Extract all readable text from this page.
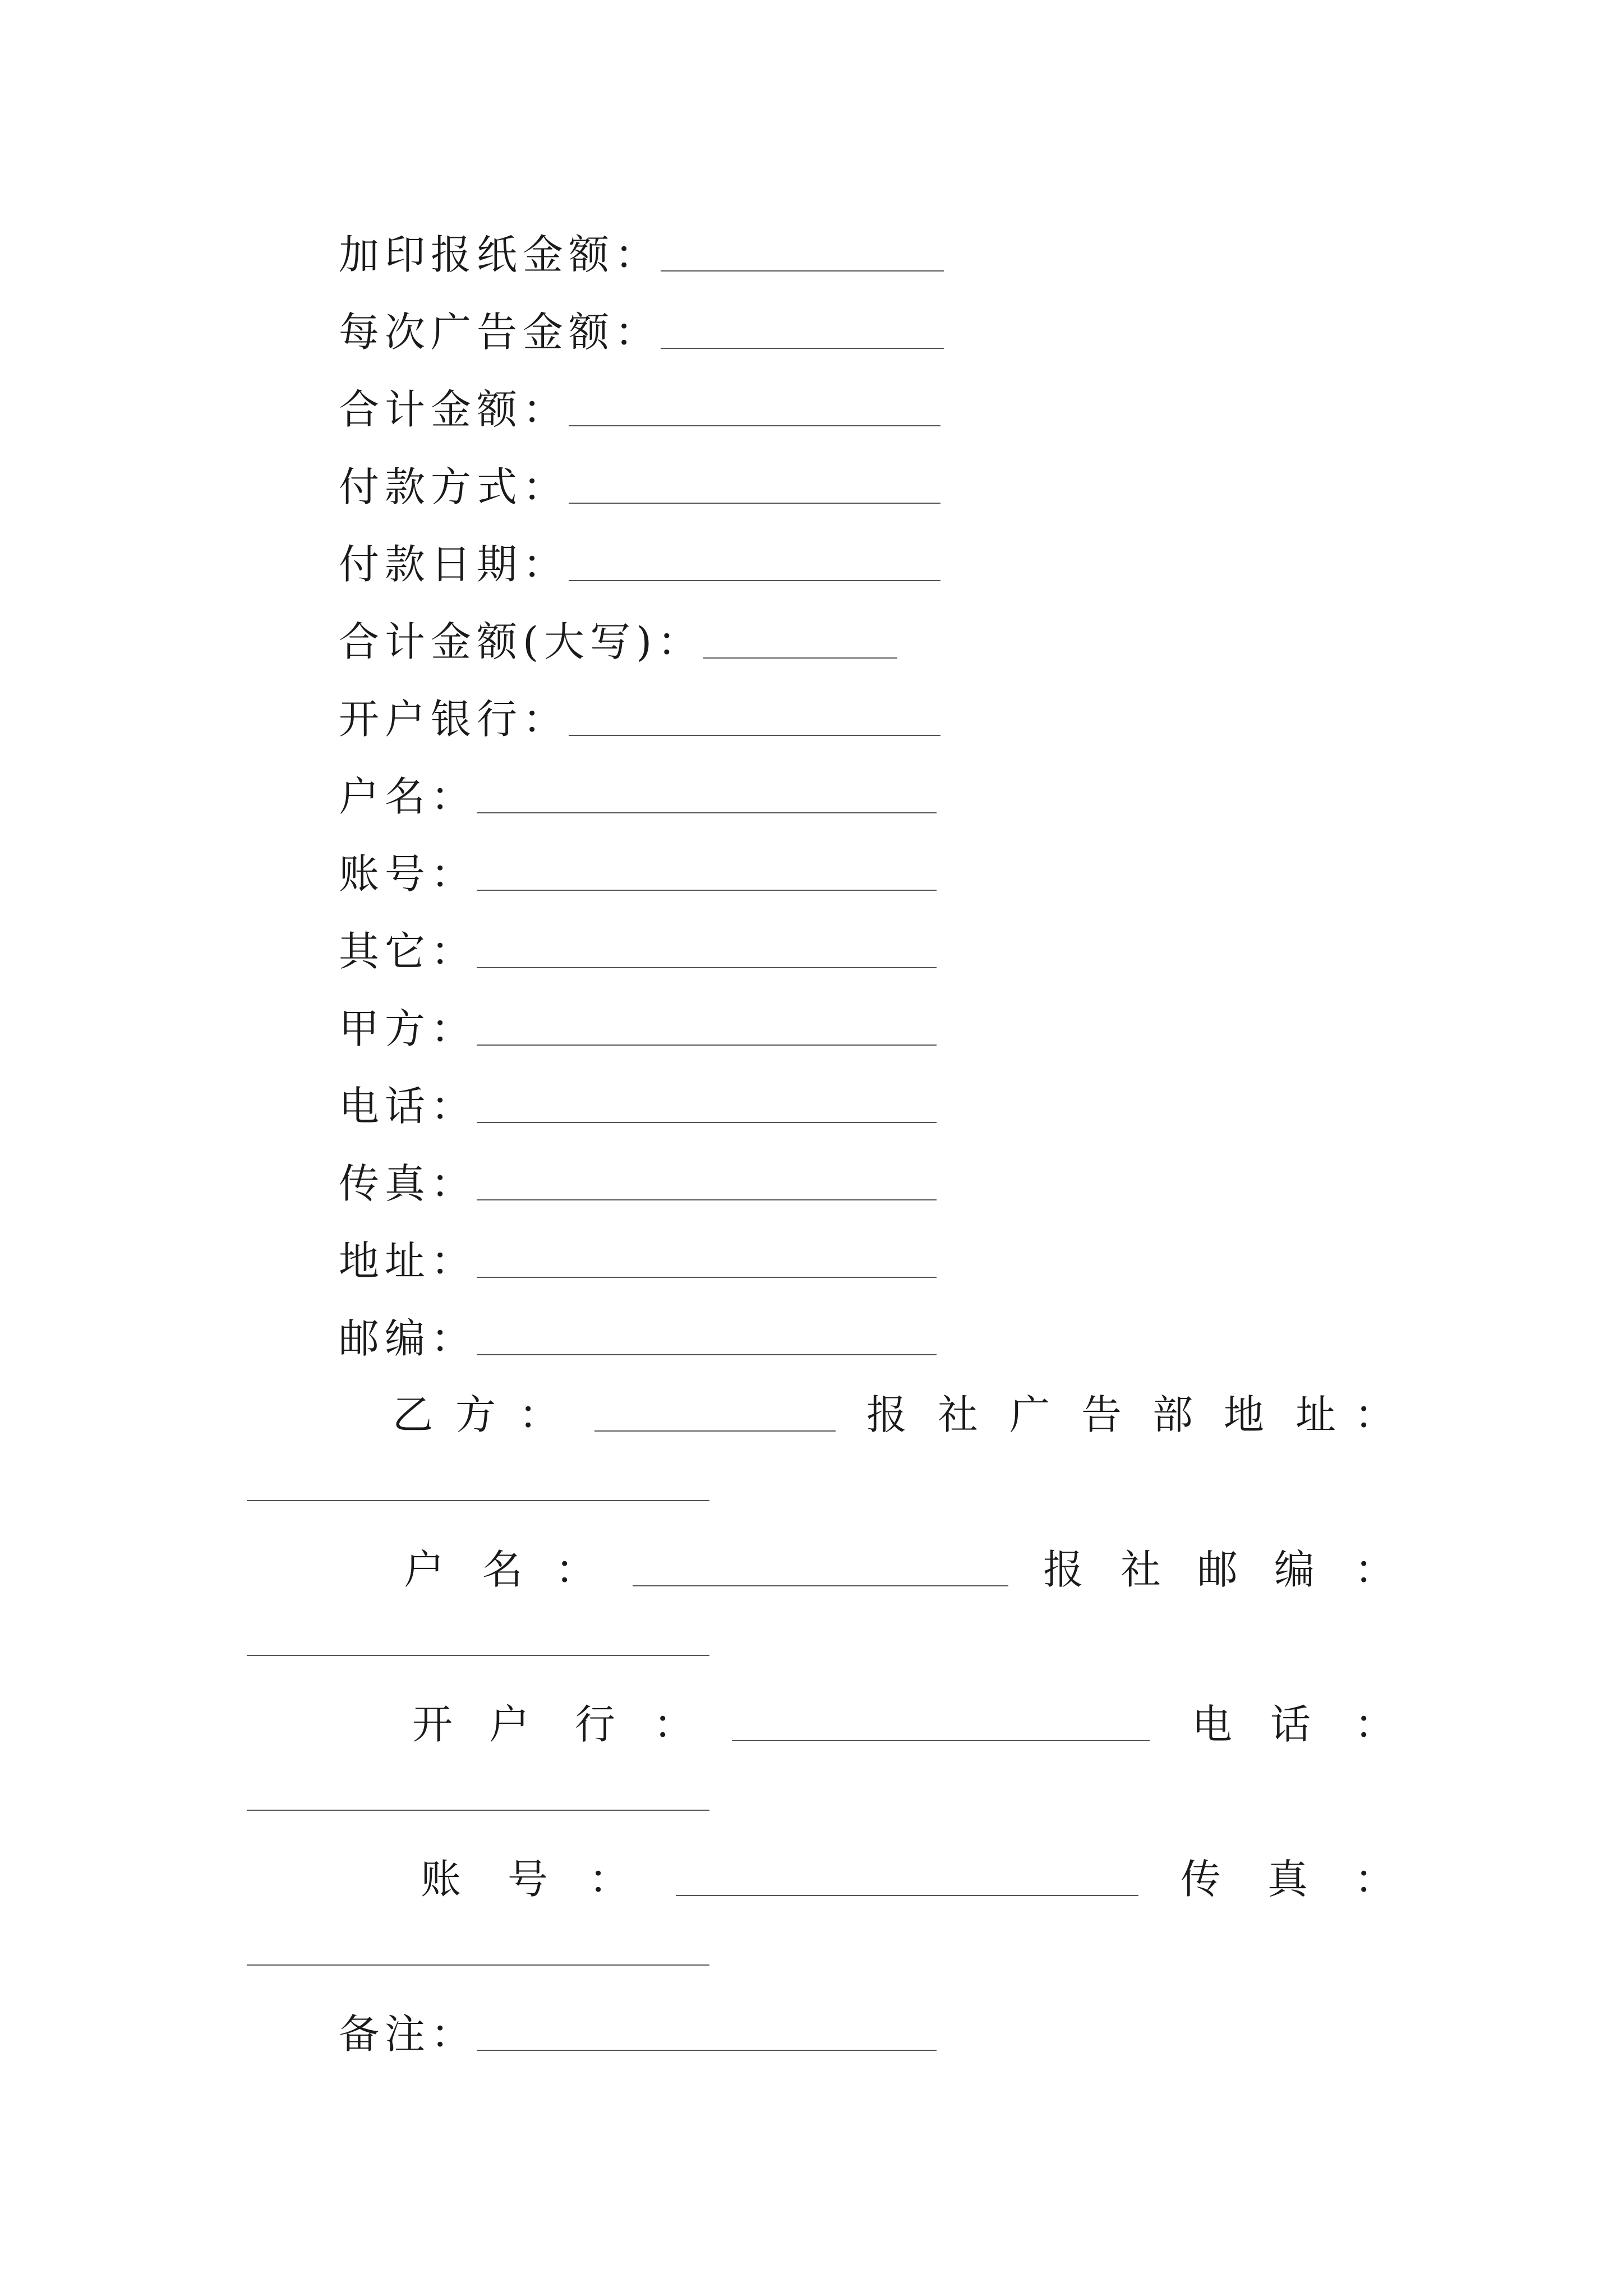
加印报纸金额：
每次广告金额：
合计金额：
付款方式：
付款日期：
合计金额(大写)：
开户银行：
户名：
账号：
其它：
甲方：
电话：
传真：
地址：
邮编：
乙 方 ：	报 社 广 告 部 地 址 ：
户 名 ：	报 社 邮 编 ：
开 户 行 ：	电 话 ：
账 号 ：	传 真 ：
备注：
